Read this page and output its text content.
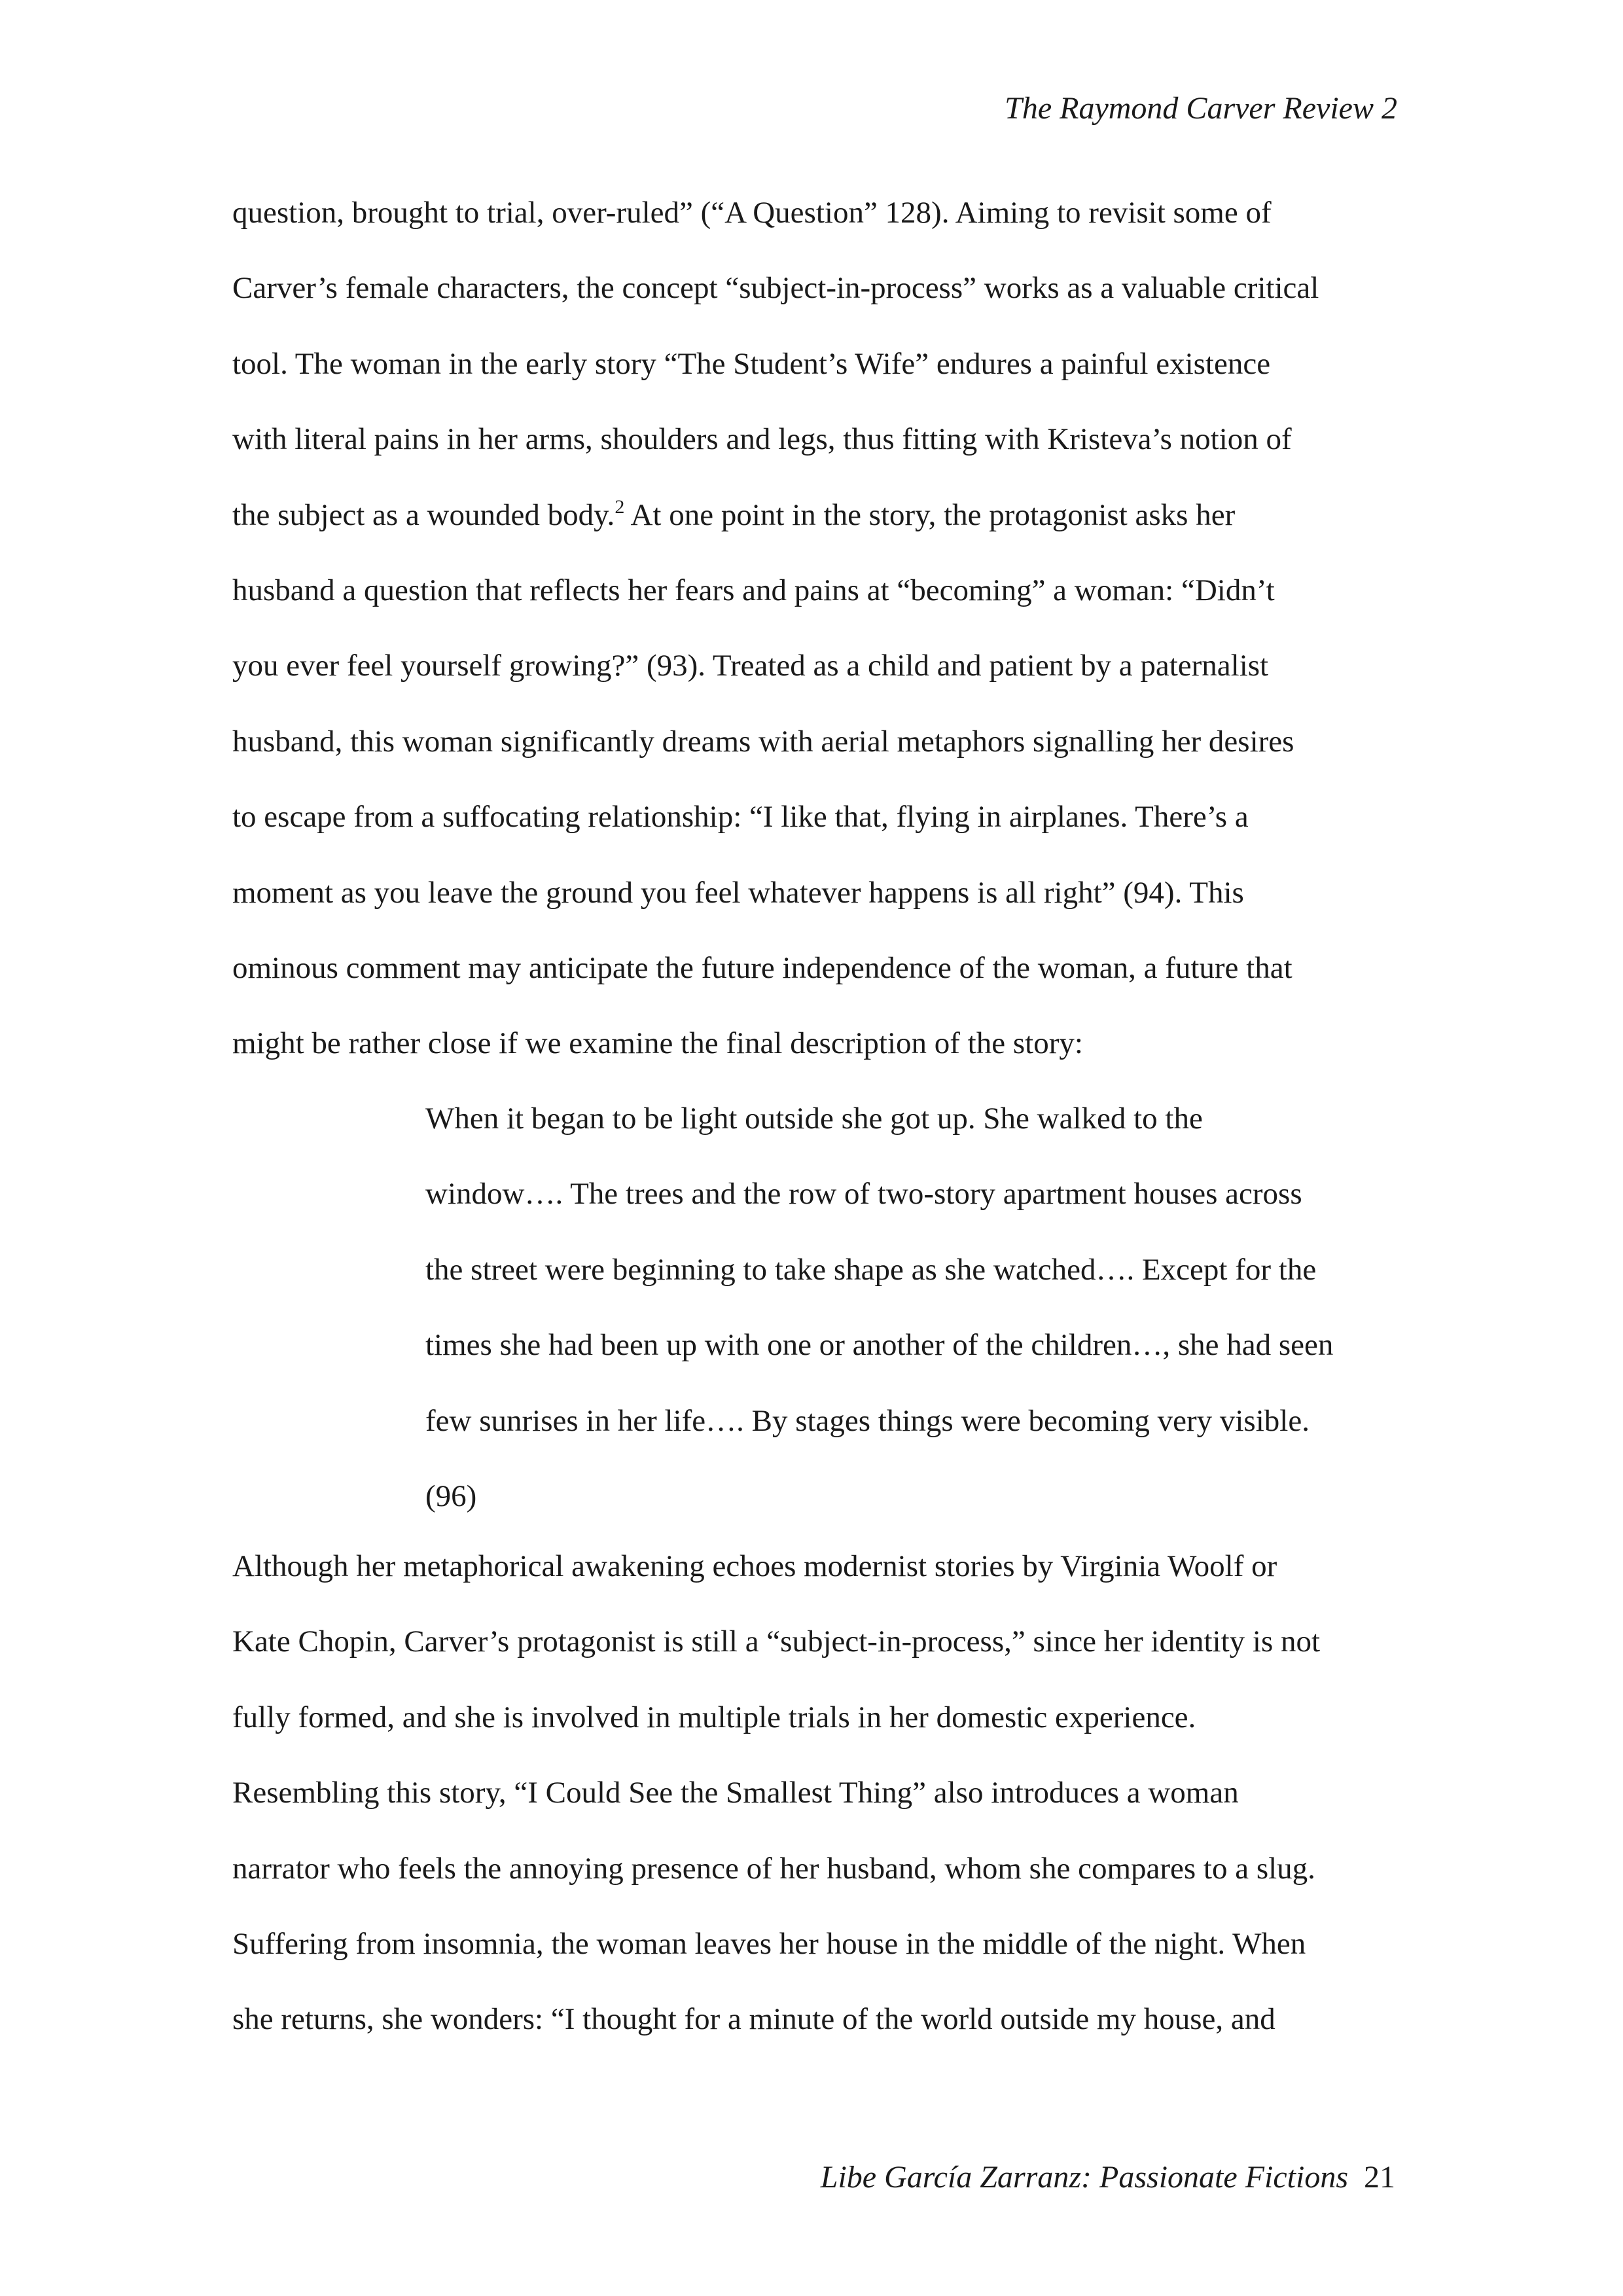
The Raymond Carver Review 2
question, brought to trial, over-ruled” (“A Question” 128). Aiming to revisit some of
Carver’s female characters, the concept “subject-in-process” works as a valuable critical
tool. The woman in the early story “The Student’s Wife” endures a painful existence
with literal pains in her arms, shoulders and legs, thus fitting with Kristeva’s notion of
the subject as a wounded body.$^2$ At one point in the story, the protagonist asks her
husband a question that reflects her fears and pains at “becoming” a woman: “Didn’t
you ever feel yourself growing?” (93). Treated as a child and patient by a paternalist
husband, this woman significantly dreams with aerial metaphors signalling her desires
to escape from a suffocating relationship: “I like that, flying in airplanes. There’s a
moment as you leave the ground you feel whatever happens is all right” (94). This
ominous comment may anticipate the future independence of the woman, a future that
might be rather close if we examine the final description of the story:
When it began to be light outside she got up. She walked to the
window…. The trees and the row of two-story apartment houses across
the street were beginning to take shape as she watched…. Except for the
times she had been up with one or another of the children…, she had seen
few sunrises in her life…. By stages things were becoming very visible.
(96)
Although her metaphorical awakening echoes modernist stories by Virginia Woolf or
Kate Chopin, Carver’s protagonist is still a “subject-in-process,” since her identity is not
fully formed, and she is involved in multiple trials in her domestic experience.
Resembling this story, “I Could See the Smallest Thing” also introduces a woman
narrator who feels the annoying presence of her husband, whom she compares to a slug.
Suffering from insomnia, the woman leaves her house in the middle of the night. When
she returns, she wonders: “I thought for a minute of the world outside my house, and
Libe García Zarranz: Passionate Fictions 21
